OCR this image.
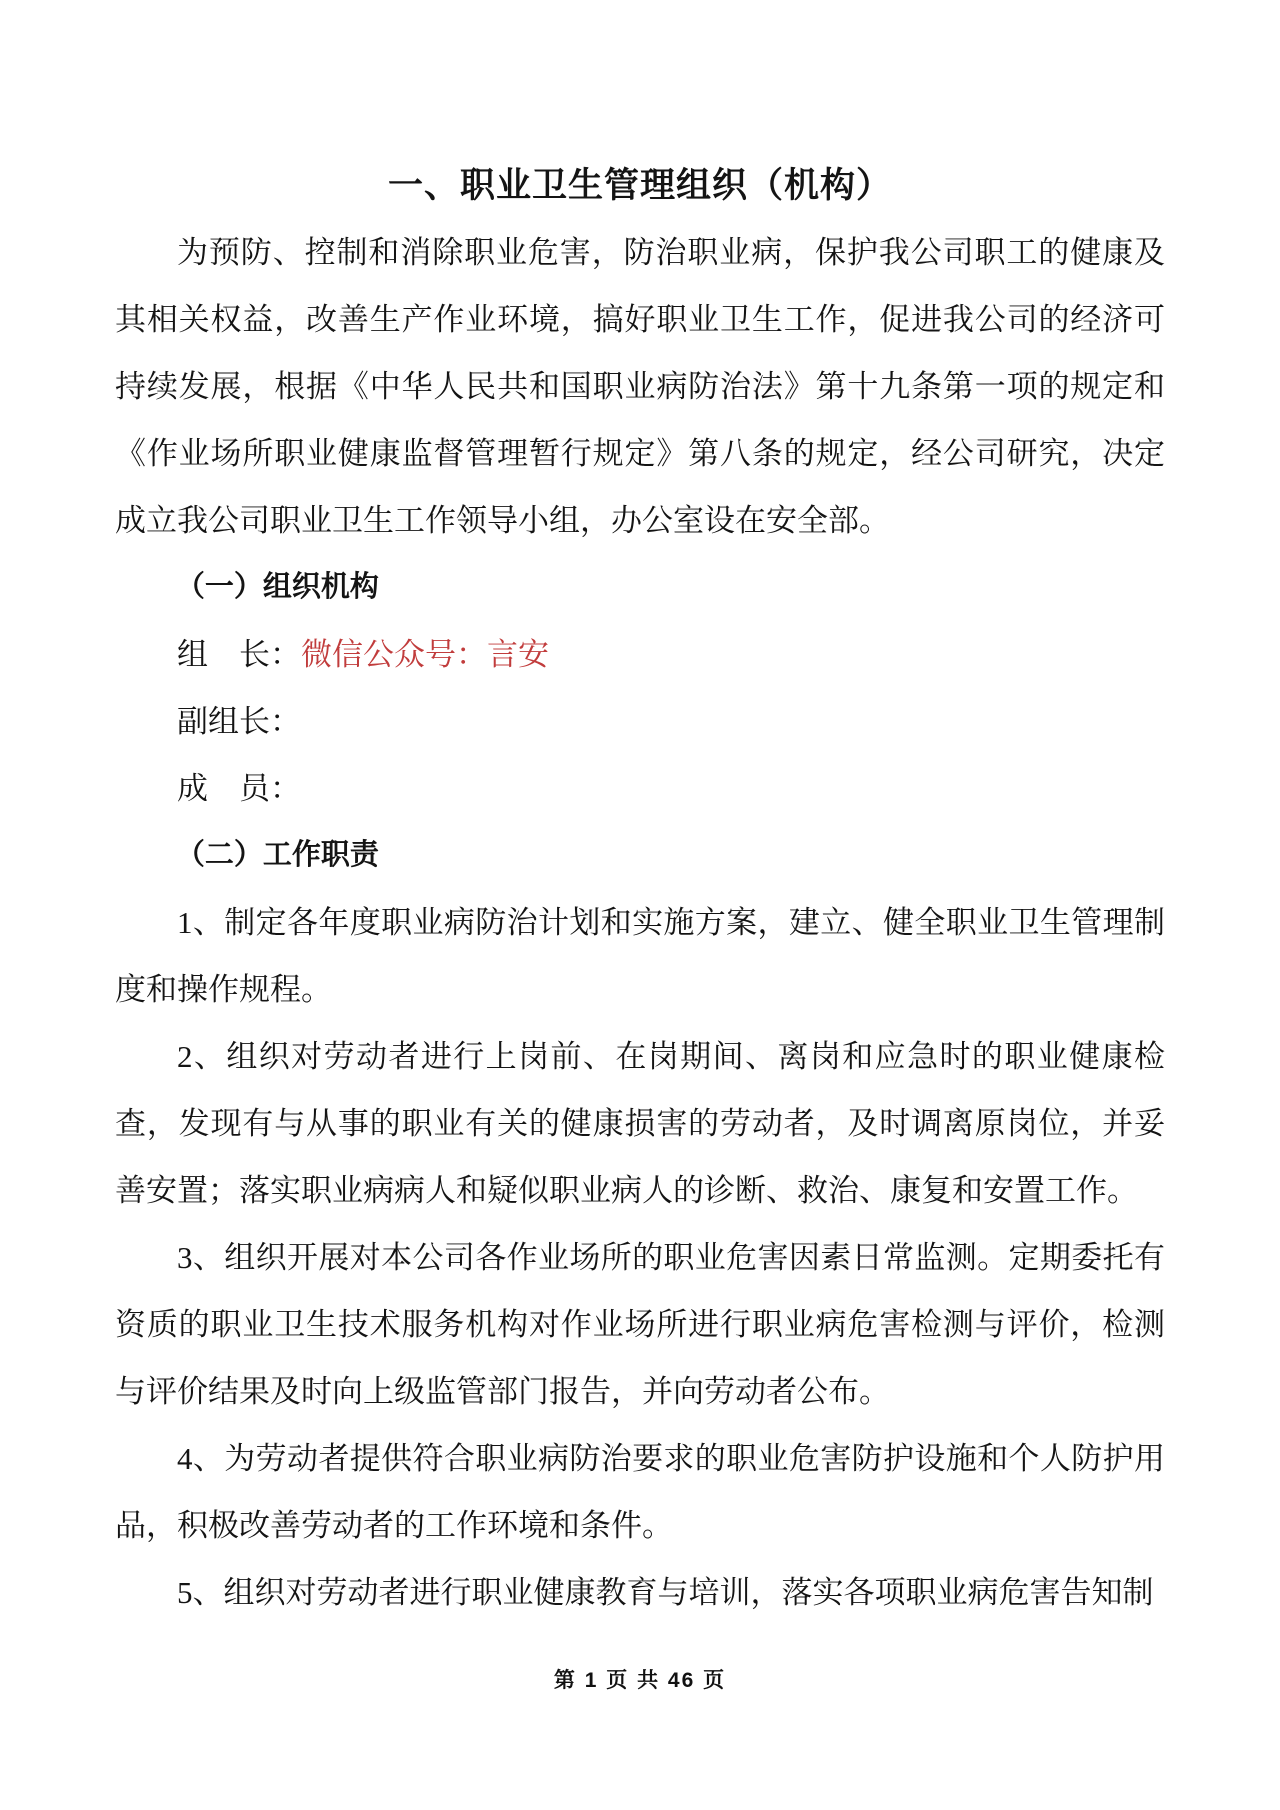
一、职业卫生管理组织（机构）

为预防、控制和消除职业危害，防治职业病，保护我公司职工的健康及其相关权益，改善生产作业环境，搞好职业卫生工作，促进我公司的经济可持续发展，根据《中华人民共和国职业病防治法》第十九条第一项的规定和《作业场所职业健康监督管理暂行规定》第八条的规定，经公司研究，决定成立我公司职业卫生工作领导小组，办公室设在安全部。

（一）组织机构

组　长：微信公众号：言安

副组长：

成　员：

（二）工作职责

1、制定各年度职业病防治计划和实施方案，建立、健全职业卫生管理制度和操作规程。

2、组织对劳动者进行上岗前、在岗期间、离岗和应急时的职业健康检查，发现有与从事的职业有关的健康损害的劳动者，及时调离原岗位，并妥善安置；落实职业病病人和疑似职业病人的诊断、救治、康复和安置工作。

3、组织开展对本公司各作业场所的职业危害因素日常监测。定期委托有资质的职业卫生技术服务机构对作业场所进行职业病危害检测与评价，检测与评价结果及时向上级监管部门报告，并向劳动者公布。

4、为劳动者提供符合职业病防治要求的职业危害防护设施和个人防护用品，积极改善劳动者的工作环境和条件。

5、组织对劳动者进行职业健康教育与培训，落实各项职业病危害告知制

第 1 页 共 46 页
